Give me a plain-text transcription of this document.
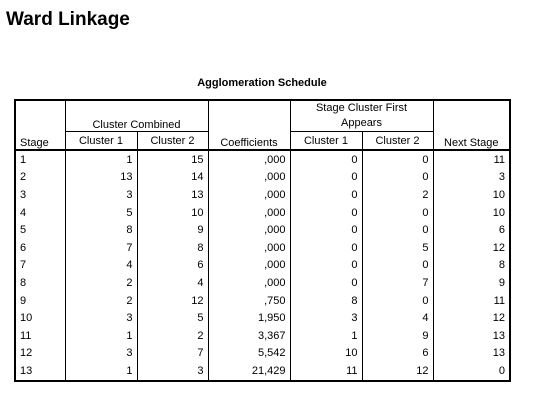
Ward Linkage
Agglomeration Schedule
Stage	Cluster Combined		Coefficients	Stage Cluster First Appears		Next Stage
	Cluster 1	Cluster 2		Cluster 1	Cluster 2	
1	1	15	,000	0	0	11
2	13	14	,000	0	0	3
3	3	13	,000	0	2	10
4	5	10	,000	0	0	10
5	8	9	,000	0	0	6
6	7	8	,000	0	5	12
7	4	6	,000	0	0	8
8	2	4	,000	0	7	9
9	2	12	,750	8	0	11
10	3	5	1,950	3	4	12
11	1	2	3,367	1	9	13
12	3	7	5,542	10	6	13
13	1	3	21,429	11	12	0
